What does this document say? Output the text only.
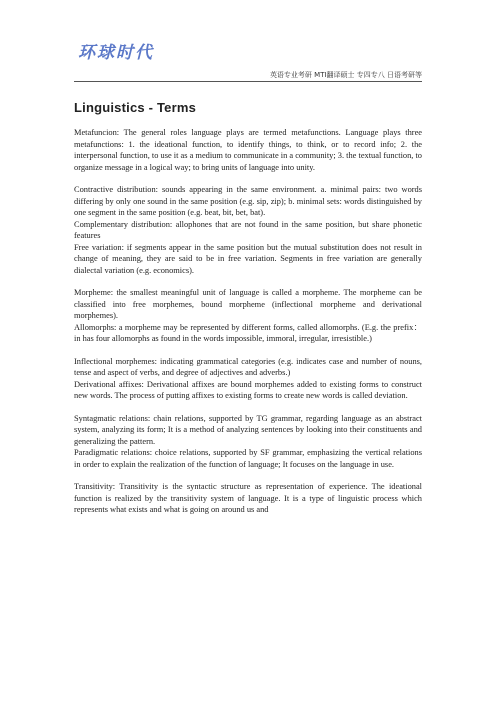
环球时代
英语专业考研 MTI翻译硕士 专四专八 日语考研等
Linguistics - Terms

Metafuncion: The general roles language plays are termed metafunctions. Language plays three metafunctions: 1. the ideational function, to identify things, to think, or to record info; 2. the interpersonal function, to use it as a medium to communicate in a community; 3. the textual function, to organize message in a logical way; to bring units of language into unity.

Contractive distribution: sounds appearing in the same environment. a. minimal pairs: two words differing by only one sound in the same position (e.g. sip, zip); b. minimal sets: words distinguished by one segment in the same position (e.g. beat, bit, bet, bat).

Complementary distribution: allophones that are not found in the same position, but share phonetic features

Free variation: if segments appear in the same position but the mutual substitution does not result in change of meaning, they are said to be in free variation. Segments in free variation are generally dialectal variation (e.g. economics).

Morpheme: the smallest meaningful unit of language is called a morpheme. The morpheme can be classified into free morphemes, bound morpheme (inflectional morpheme and derivational morphemes).

Allomorphs: a morpheme may be represented by different forms, called allomorphs. (E.g. the prefix：in has four allomorphs as found in the words impossible, immoral, irregular, irresistible.)

Inflectional morphemes: indicating grammatical categories (e.g. indicates case and number of nouns, tense and aspect of verbs, and degree of adjectives and adverbs.)

Derivational affixes: Derivational affixes are bound morphemes added to existing forms to construct new words. The process of putting affixes to existing forms to create new words is called deviation.

Syntagmatic relations: chain relations, supported by TG grammar, regarding language as an abstract system, analyzing its form; It is a method of analyzing sentences by looking into their constituents and generalizing the pattern.

Paradigmatic relations: choice relations, supported by SF grammar, emphasizing the vertical relations in order to explain the realization of the function of language; It focuses on the language in use.

Transitivity: Transitivity is the syntactic structure as representation of experience. The ideational function is realized by the transitivity system of language. It is a type of linguistic process which represents what exists and what is going on around us and
